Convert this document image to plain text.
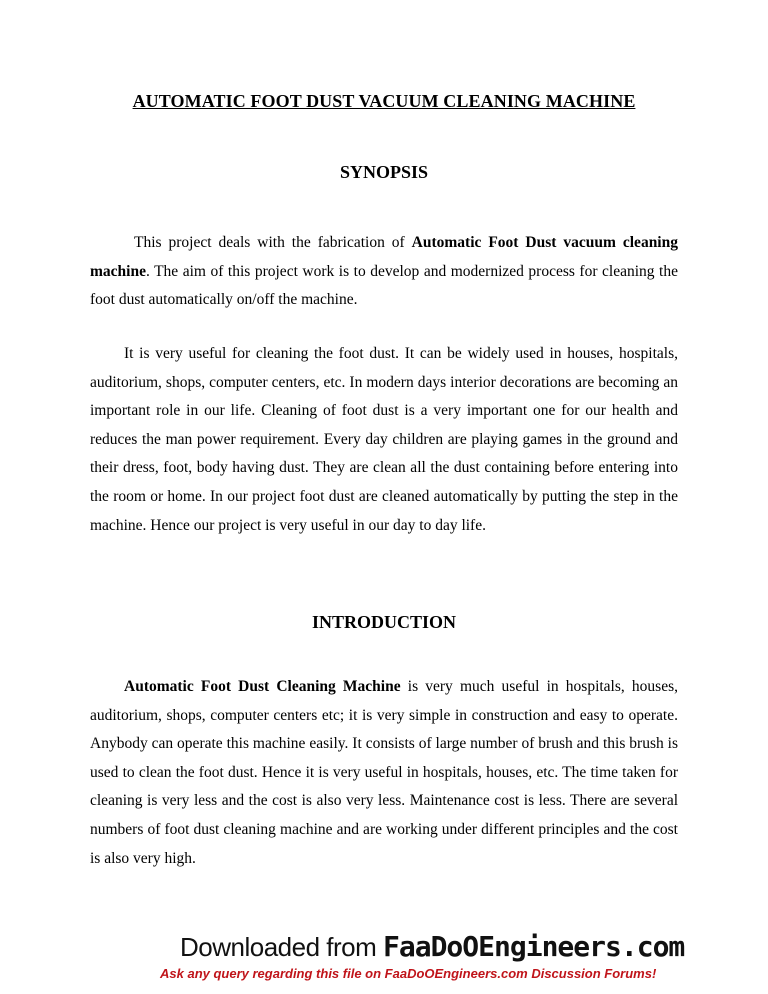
AUTOMATIC FOOT DUST VACUUM CLEANING MACHINE
SYNOPSIS
This project deals with the fabrication of Automatic Foot Dust vacuum cleaning machine. The aim of this project work is to develop and modernized process for cleaning the foot dust automatically on/off the machine.
It is very useful for cleaning the foot dust. It can be widely used in houses, hospitals, auditorium, shops, computer centers, etc. In modern days interior decorations are becoming an important role in our life. Cleaning of foot dust is a very important one for our health and reduces the man power requirement. Every day children are playing games in the ground and their dress, foot, body having dust. They are clean all the dust containing before entering into the room or home. In our project foot dust are cleaned automatically by putting the step in the machine. Hence our project is very useful in our day to day life.
INTRODUCTION
Automatic Foot Dust Cleaning Machine is very much useful in hospitals, houses, auditorium, shops, computer centers etc; it is very simple in construction and easy to operate. Anybody can operate this machine easily. It consists of large number of brush and this brush is used to clean the foot dust. Hence it is very useful in hospitals, houses, etc. The time taken for cleaning is very less and the cost is also very less. Maintenance cost is less. There are several numbers of foot dust cleaning machine and are working under different principles and the cost is also very high.
Downloaded from FaaDoOEngineers.com
Ask any query regarding this file on FaaDoOEngineers.com Discussion Forums!
